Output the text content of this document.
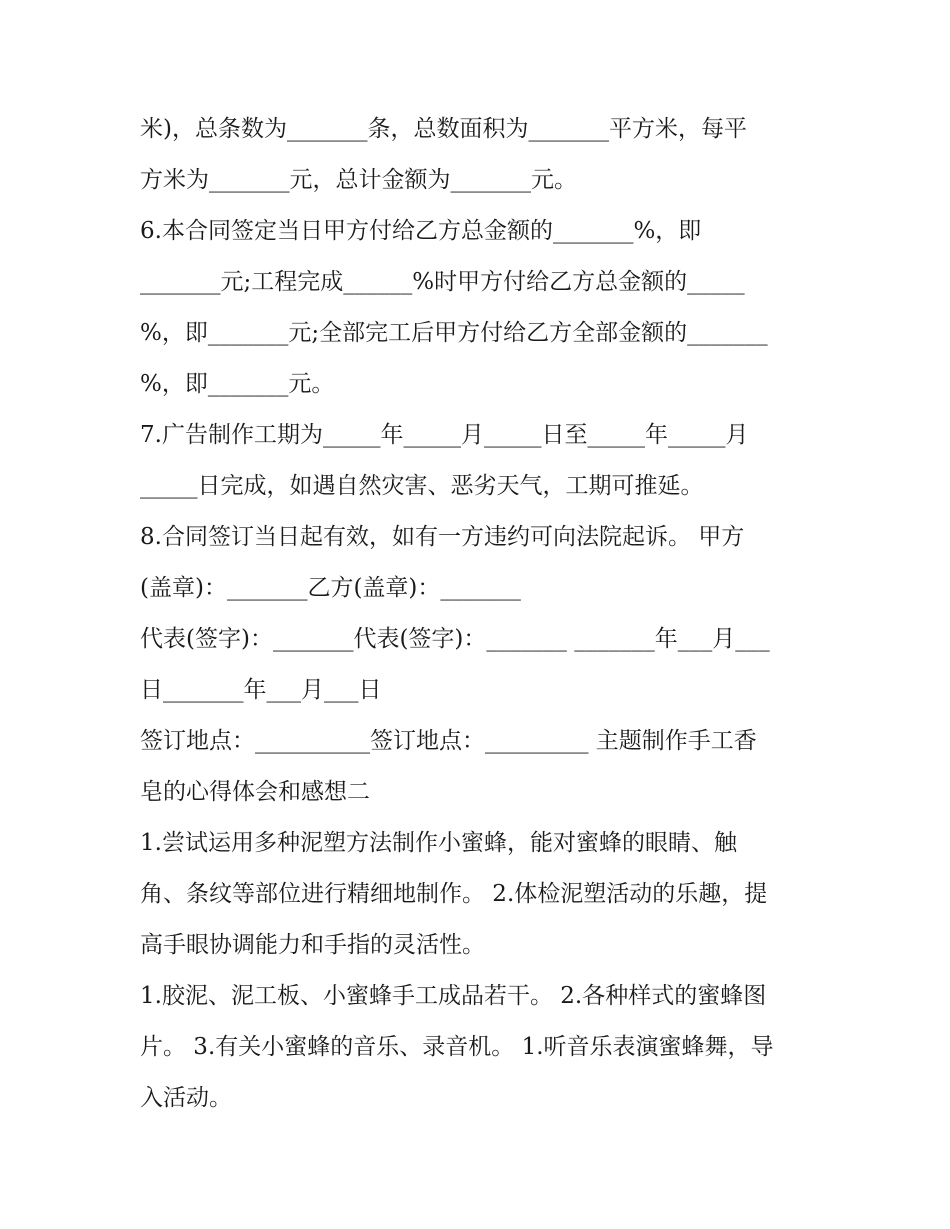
米)，总条数为_______条，总数面积为_______平方米，每平
方米为_______元，总计金额为_______元。
6.本合同签定当日甲方付给乙方总金额的_______%，即
_______元;工程完成______%时甲方付给乙方总金额的_____
%，即_______元;全部完工后甲方付给乙方全部金额的_______
%，即_______元。
7.广告制作工期为_____年_____月_____日至_____年_____月
_____日完成，如遇自然灾害、恶劣天气，工期可推延。
8.合同签订当日起有效，如有一方违约可向法院起诉。 甲方
(盖章)：_______乙方(盖章)：_______
代表(签字)：_______代表(签字)：_______ _______年___月___
日_______年___月___日
签订地点：__________签订地点：_________ 主题制作手工香
皂的心得体会和感想二
1.尝试运用多种泥塑方法制作小蜜蜂，能对蜜蜂的眼睛、触
角、条纹等部位进行精细地制作。 2.体检泥塑活动的乐趣，提
高手眼协调能力和手指的灵活性。
1.胶泥、泥工板、小蜜蜂手工成品若干。 2.各种样式的蜜蜂图
片。 3.有关小蜜蜂的音乐、录音机。 1.听音乐表演蜜蜂舞，导
入活动。
